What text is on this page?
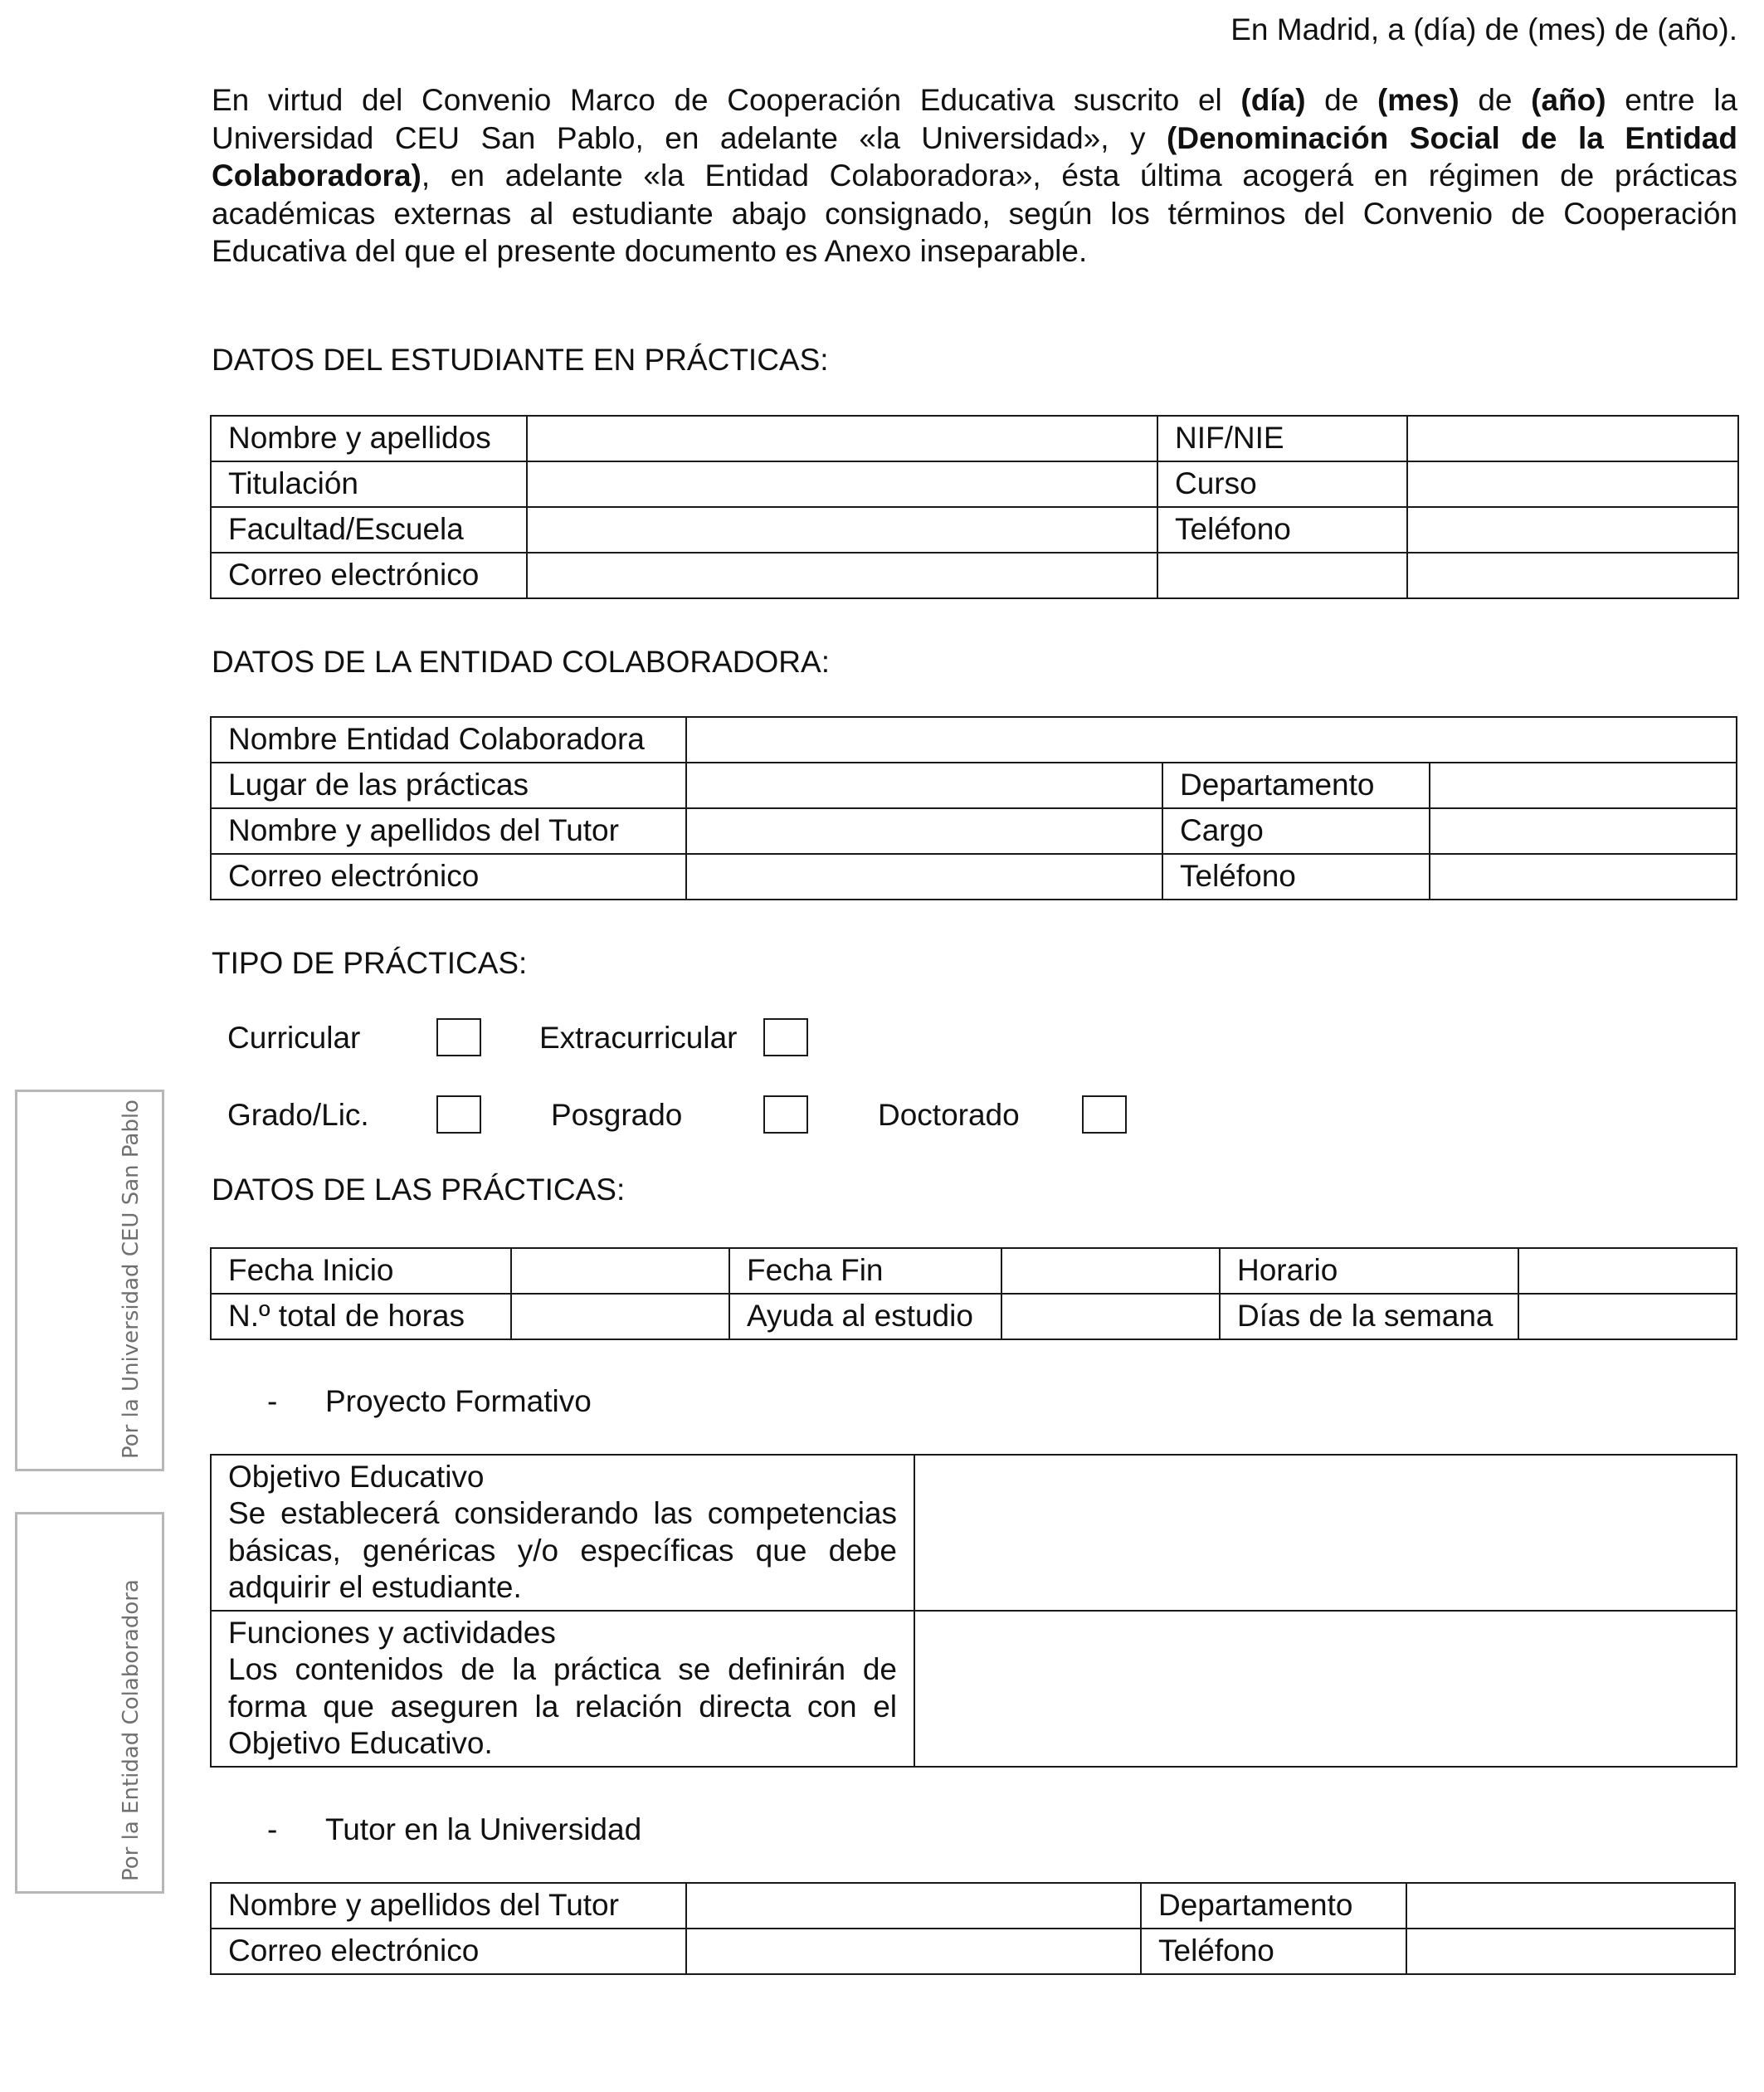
En Madrid, a (día) de (mes) de (año).
En virtud del Convenio Marco de Cooperación Educativa suscrito el (día) de (mes) de (año) entre la Universidad CEU San Pablo, en adelante «la Universidad», y (Denominación Social de la Entidad Colaboradora), en adelante «la Entidad Colaboradora», ésta última acogerá en régimen de prácticas académicas externas al estudiante abajo consignado, según los términos del Convenio de Cooperación Educativa del que el presente documento es Anexo inseparable.
DATOS DEL ESTUDIANTE EN PRÁCTICAS:
Nombre y apellidos		NIF/NIE	
Titulación		Curso	
Facultad/Escuela		Teléfono	
Correo electrónico			
DATOS DE LA ENTIDAD COLABORADORA:
Nombre Entidad Colaboradora			
Lugar de las prácticas		Departamento	
Nombre y apellidos del Tutor		Cargo	
Correo electrónico		Teléfono	
TIPO DE PRÁCTICAS:
Curricular	Extracurricular
Grado/Lic.	Posgrado	Doctorado
DATOS DE LAS PRÁCTICAS:
Fecha Inicio		Fecha Fin		Horario	
N.º total de horas		Ayuda al estudio		Días de la semana	
- Proyecto Formativo
Objetivo Educativo
Se establecerá considerando las competencias básicas, genéricas y/o específicas que debe adquirir el estudiante.	

Funciones y actividades
Los contenidos de la práctica se definirán de forma que aseguren la relación directa con el Objetivo Educativo.	

- Tutor en la Universidad
Nombre y apellidos del Tutor		Departamento	
Correo electrónico		Teléfono	
Por la Universidad CEU San Pablo
Por la Entidad Colaboradora
